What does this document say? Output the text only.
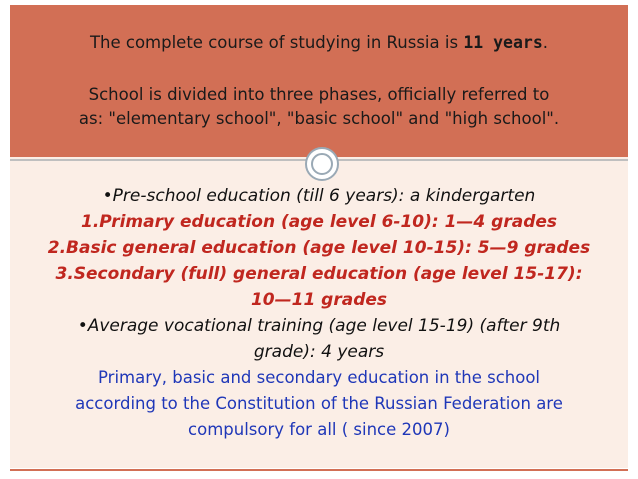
The complete course of studying in Russia is 11 years.
School is divided into three phases, officially referred to
as: "elementary school", "basic school" and "high school".
•Pre-school education (till 6 years): a kindergarten
1.Primary education (age level 6-10): 1—4 grades
2.Basic general education (age level 10-15): 5—9 grades
3.Secondary (full) general education (age level 15-17):
10—11 grades
•Average vocational training (age level 15-19) (after 9th
grade): 4 years
Primary, basic and secondary education in the school
according to the Constitution of the Russian Federation are
compulsory for all ( since 2007)
